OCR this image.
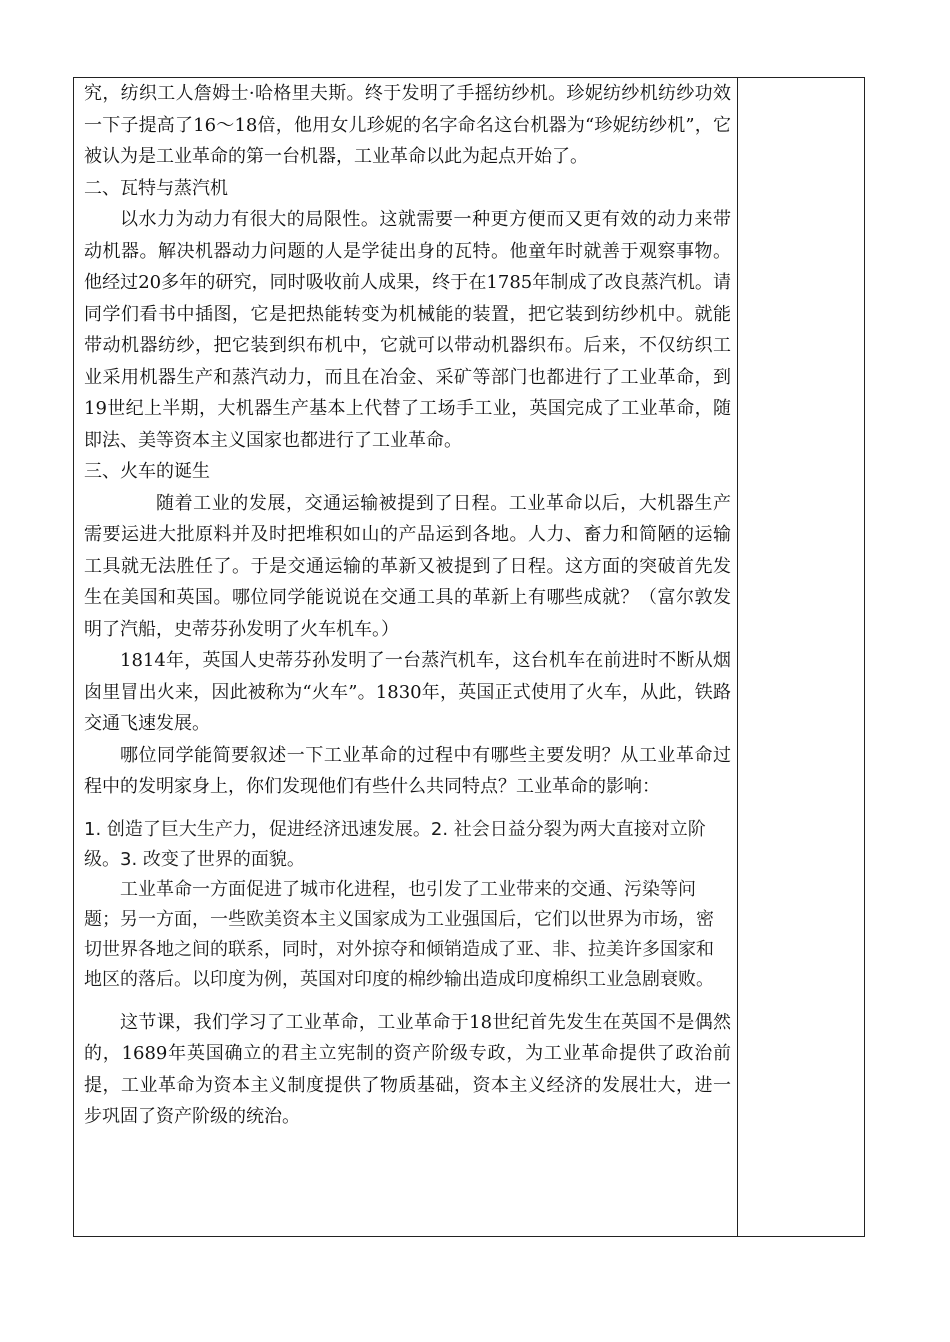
究，纺织工人詹姆士·哈格里夫斯。终于发明了手摇纺纱机。珍妮纺纱机纺纱功效一下子提高了16～18倍，他用女儿珍妮的名字命名这台机器为“珍妮纺纱机”，它被认为是工业革命的第一台机器，工业革命以此为起点开始了。

二、瓦特与蒸汽机

以水力为动力有很大的局限性。这就需要一种更方便而又更有效的动力来带动机器。解决机器动力问题的人是学徒出身的瓦特。他童年时就善于观察事物。他经过20多年的研究，同时吸收前人成果，终于在1785年制成了改良蒸汽机。请同学们看书中插图，它是把热能转变为机械能的装置，把它装到纺纱机中。就能带动机器纺纱，把它装到织布机中，它就可以带动机器织布。后来，不仅纺织工业采用机器生产和蒸汽动力，而且在冶金、采矿等部门也都进行了工业革命，到19世纪上半期，大机器生产基本上代替了工场手工业，英国完成了工业革命，随即法、美等资本主义国家也都进行了工业革命。

三、火车的诞生

随着工业的发展，交通运输被提到了日程。工业革命以后，大机器生产需要运进大批原料并及时把堆积如山的产品运到各地。人力、畜力和简陋的运输工具就无法胜任了。于是交通运输的革新又被提到了日程。这方面的突破首先发生在美国和英国。哪位同学能说说在交通工具的革新上有哪些成就？（富尔敦发明了汽船，史蒂芬孙发明了火车机车。）

1814年，英国人史蒂芬孙发明了一台蒸汽机车，这台机车在前进时不断从烟囱里冒出火来，因此被称为“火车”。1830年，英国正式使用了火车，从此，铁路交通飞速发展。

哪位同学能简要叙述一下工业革命的过程中有哪些主要发明？从工业革命过程中的发明家身上，你们发现他们有些什么共同特点？工业革命的影响：

1. 创造了巨大生产力，促进经济迅速发展。2. 社会日益分裂为两大直接对立阶级。3. 改变了世界的面貌。

工业革命一方面促进了城市化进程，也引发了工业带来的交通、污染等问题；另一方面，一些欧美资本主义国家成为工业强国后，它们以世界为市场，密切世界各地之间的联系，同时，对外掠夺和倾销造成了亚、非、拉美许多国家和地区的落后。以印度为例，英国对印度的棉纱输出造成印度棉织工业急剧衰败。

这节课，我们学习了工业革命，工业革命于18世纪首先发生在英国不是偶然的，1689年英国确立的君主立宪制的资产阶级专政，为工业革命提供了政治前提，工业革命为资本主义制度提供了物质基础，资本主义经济的发展壮大，进一步巩固了资产阶级的统治。
